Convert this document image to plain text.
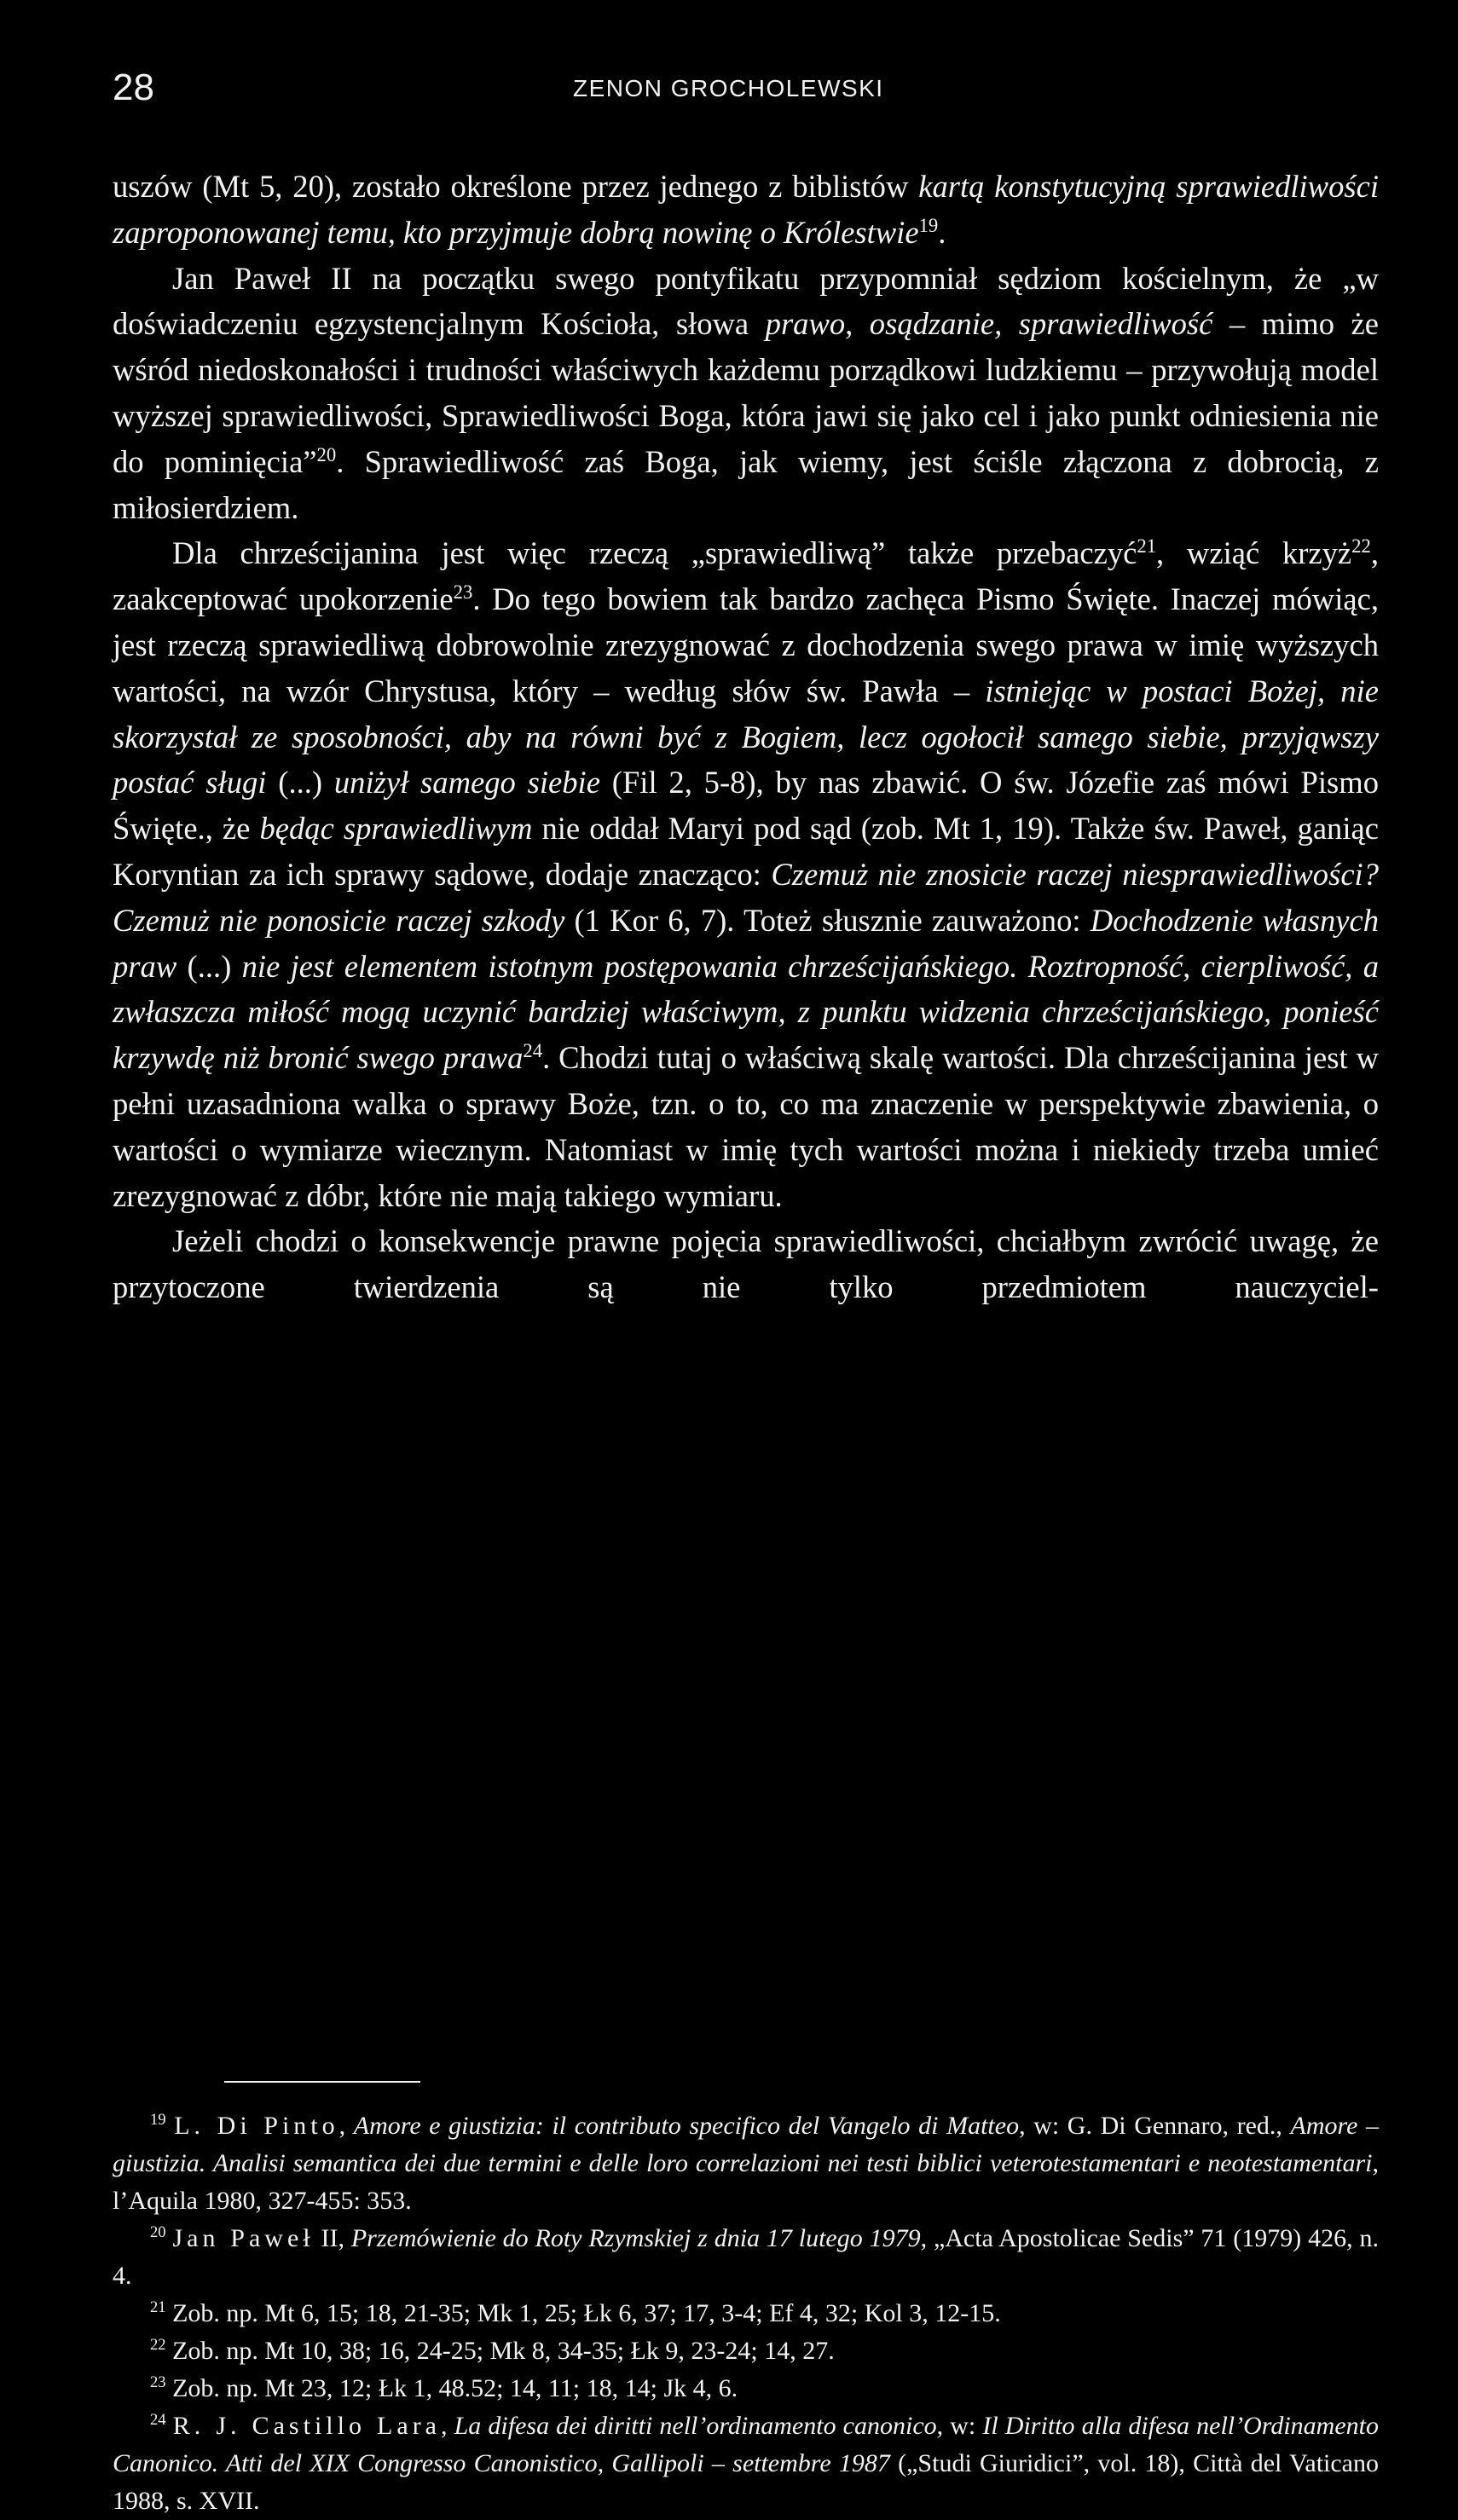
28	ZENON GROCHOLEWSKI

uszów (Mt 5, 20), zostało określone przez jednego z biblistów kartą konstytucyjną sprawiedliwości zaproponowanej temu, kto przyjmuje dobrą nowinę o Królestwie$^{19}$.

Jan Paweł II na początku swego pontyfikatu przypomniał sędziom kościelnym, że „w doświadczeniu egzystencjalnym Kościoła, słowa prawo, osądzanie, sprawiedliwość – mimo że wśród niedoskonałości i trudności właściwych każdemu porządkowi ludzkiemu – przywołują model wyższej sprawiedliwości, Sprawiedliwości Boga, która jawi się jako cel i jako punkt odniesienia nie do pominięcia”$^{20}$. Sprawiedliwość zaś Boga, jak wiemy, jest ściśle złączona z dobrocią, z miłosierdziem.

Dla chrześcijanina jest więc rzeczą „sprawiedliwą” także przebaczyć$^{21}$, wziąć krzyż$^{22}$, zaakceptować upokorzenie$^{23}$. Do tego bowiem tak bardzo zachęca Pismo Święte. Inaczej mówiąc, jest rzeczą sprawiedliwą dobrowolnie zrezygnować z dochodzenia swego prawa w imię wyższych wartości, na wzór Chrystusa, który – według słów św. Pawła – istniejąc w postaci Bożej, nie skorzystał ze sposobności, aby na równi być z Bogiem, lecz ogołocił samego siebie, przyjąwszy postać sługi (...) uniżył samego siebie (Fil 2, 5-8), by nas zbawić. O św. Józefie zaś mówi Pismo Święte., że będąc sprawiedliwym nie oddał Maryi pod sąd (zob. Mt 1, 19). Także św. Paweł, ganiąc Koryntian za ich sprawy sądowe, dodaje znacząco: Czemuż nie znosicie raczej niesprawiedliwości? Czemuż nie ponosicie raczej szkody (1 Kor 6, 7). Toteż słusznie zauważono: Dochodzenie własnych praw (...) nie jest elementem istotnym postępowania chrześcijańskiego. Roztropność, cierpliwość, a zwłaszcza miłość mogą uczynić bardziej właściwym, z punktu widzenia chrześcijańskiego, ponieść krzywdę niż bronić swego prawa$^{24}$. Chodzi tutaj o właściwą skalę wartości. Dla chrześcijanina jest w pełni uzasadniona walka o sprawy Boże, tzn. o to, co ma znaczenie w perspektywie zbawienia, o wartości o wymiarze wiecznym. Natomiast w imię tych wartości można i niekiedy trzeba umieć zrezygnować z dóbr, które nie mają takiego wymiaru.

Jeżeli chodzi o konsekwencje prawne pojęcia sprawiedliwości, chciałbym zwrócić uwagę, że przytoczone twierdzenia są nie tylko przedmiotem nauczyciel-

$^{19}$ L. Di Pinto, Amore e giustizia: il contributo specifico del Vangelo di Matteo, w: G. Di Gennaro, red., Amore – giustizia. Analisi semantica dei due termini e delle loro correlazioni nei testi biblici veterotestamentari e neotestamentari, l’Aquila 1980, 327-455: 353.

$^{20}$ Jan Paweł II, Przemówienie do Roty Rzymskiej z dnia 17 lutego 1979, „Acta Apostolicae Sedis” 71 (1979) 426, n. 4.

$^{21}$ Zob. np. Mt 6, 15; 18, 21-35; Mk 1, 25; Łk 6, 37; 17, 3-4; Ef 4, 32; Kol 3, 12-15.

$^{22}$ Zob. np. Mt 10, 38; 16, 24-25; Mk 8, 34-35; Łk 9, 23-24; 14, 27.

$^{23}$ Zob. np. Mt 23, 12; Łk 1, 48.52; 14, 11; 18, 14; Jk 4, 6.

$^{24}$ R. J. Castillo Lara, La difesa dei diritti nell’ordinamento canonico, w: Il Diritto alla difesa nell’Ordinamento Canonico. Atti del XIX Congresso Canonistico, Gallipoli – settembre 1987 („Studi Giuridici”, vol. 18), Città del Vaticano 1988, s. XVII.
